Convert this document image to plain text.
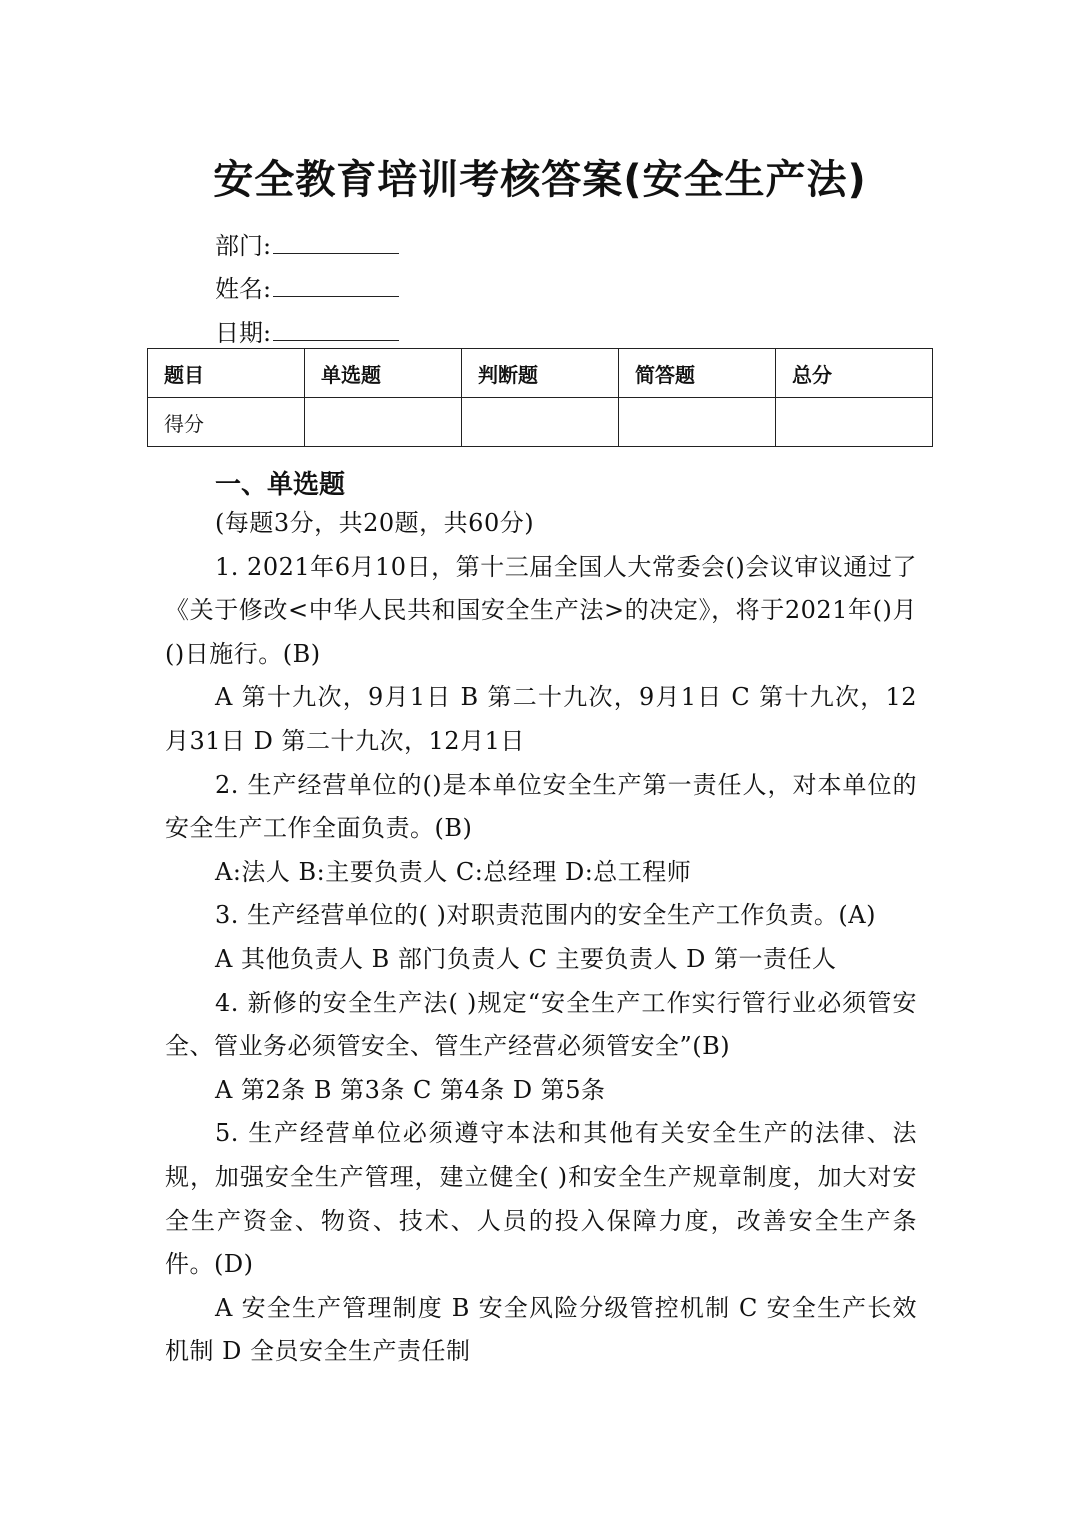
安全教育培训考核答案(安全生产法)
部门:
姓名:
日期:
题目	单选题	判断题	简答题	总分
得分				
一、单选题

(每题3分，共20题，共60分)

1. 2021年6月10日，第十三届全国人大常委会()会议审议通过了《关于修改<中华人民共和国安全生产法>的决定》，将于2021年()月()日施行。(B)

A 第十九次，9月1日 B 第二十九次，9月1日 C 第十九次，12月31日 D 第二十九次，12月1日

2. 生产经营单位的()是本单位安全生产第一责任人，对本单位的安全生产工作全面负责。(B)

A:法人 B:主要负责人 C:总经理 D:总工程师

3. 生产经营单位的( )对职责范围内的安全生产工作负责。(A)

A 其他负责人 B 部门负责人 C 主要负责人 D 第一责任人

4. 新修的安全生产法( )规定“安全生产工作实行管行业必须管安全、管业务必须管安全、管生产经营必须管安全”(B)

A 第2条 B 第3条 C 第4条 D 第5条

5. 生产经营单位必须遵守本法和其他有关安全生产的法律、法规，加强安全生产管理，建立健全( )和安全生产规章制度，加大对安全生产资金、物资、技术、人员的投入保障力度，改善安全生产条件。(D)

A 安全生产管理制度 B 安全风险分级管控机制 C 安全生产长效机制 D 全员安全生产责任制
